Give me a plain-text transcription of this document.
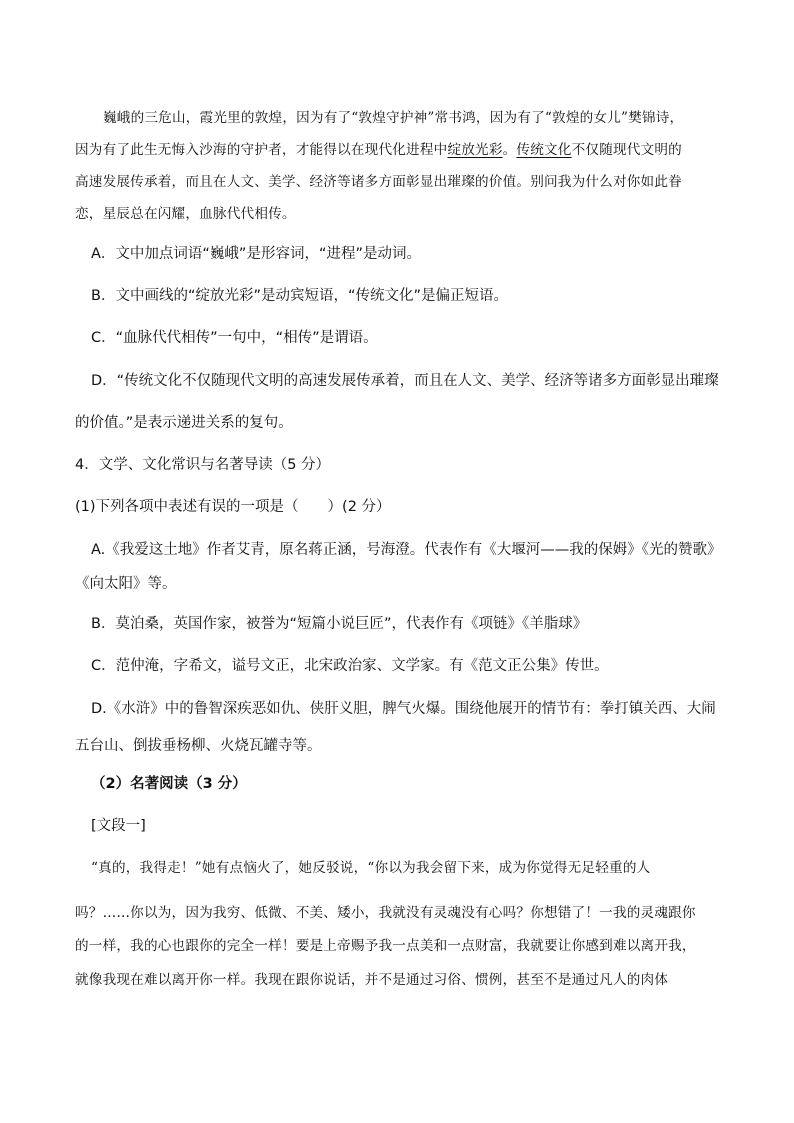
巍峨的三危山，霞光里的敦煌，因为有了“敦煌守护神”常书鸿，因为有了“敦煌的女儿”樊锦诗，
因为有了此生无悔入沙海的守护者，才能得以在现代化进程中绽放光彩。传统文化不仅随现代文明的
高速发展传承着，而且在人文、美学、经济等诸多方面彰显出璀璨的价值。别问我为什么对你如此眷
恋，星辰总在闪耀，血脉代代相传。
A．文中加点词语“巍峨”是形容词，“进程”是动词。
B．文中画线的“绽放光彩”是动宾短语，“传统文化”是偏正短语。
C．“血脉代代相传”一句中，“相传”是谓语。
D．“传统文化不仅随现代文明的高速发展传承着，而且在人文、美学、经济等诸多方面彰显出璀璨
的价值。”是表示递进关系的复句。
4．文学、文化常识与名著导读（5 分）
(1)下列各项中表述有误的一项是（　　）(2 分）
A.《我爱这土地》作者艾青，原名蒋正涵，号海澄。代表作有《大堰河——我的保姆》《光的赞歌》
《向太阳》等。
B．莫泊桑，英国作家，被誉为“短篇小说巨匠”，代表作有《项链》《羊脂球》
C．范仲淹，字希文，谥号文正，北宋政治家、文学家。有《范文正公集》传世。
D.《水浒》中的鲁智深疾恶如仇、侠肝义胆，脾气火爆。围绕他展开的情节有：拳打镇关西、大闹
五台山、倒拔垂杨柳、火烧瓦罐寺等。
（2）名著阅读（3 分）
[文段一]
“真的，我得走！”她有点恼火了，她反驳说，“你以为我会留下来，成为你觉得无足轻重的人
吗？……你以为，因为我穷、低微、不美、矮小，我就没有灵魂没有心吗？你想错了！一我的灵魂跟你
的一样，我的心也跟你的完全一样！要是上帝赐予我一点美和一点财富，我就要让你感到难以离开我，
就像我现在难以离开你一样。我现在跟你说话，并不是通过习俗、惯例，甚至不是通过凡人的肉体
